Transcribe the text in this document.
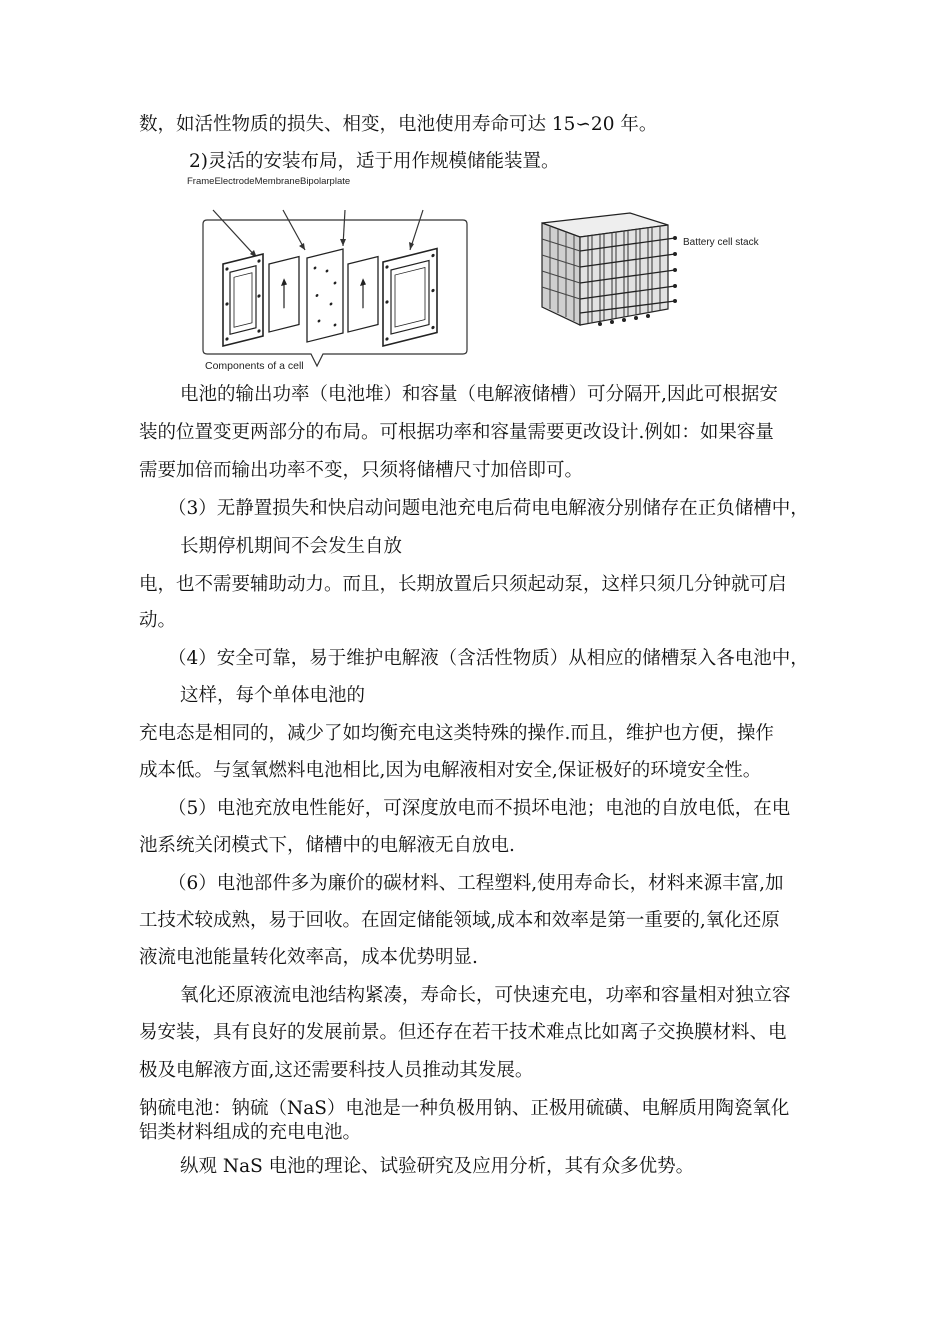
数，如活性物质的损失、相变，电池使用寿命可达 15∽20 年。
2)灵活的安装布局，适于用作规模储能装置。
FrameElectrodeMembraneBipolarplate
Components of a cell
Battery cell stack
电池的输出功率（电池堆）和容量（电解液储槽）可分隔开,因此可根据安
装的位置变更两部分的布局。可根据功率和容量需要更改设计.例如：如果容量
需要加倍而输出功率不变，只须将储槽尺寸加倍即可。
（3）无静置损失和快启动问题电池充电后荷电电解液分别储存在正负储槽中，
长期停机期间不会发生自放
电，也不需要辅助动力。而且，长期放置后只须起动泵，这样只须几分钟就可启
动。
（4）安全可靠，易于维护电解液（含活性物质）从相应的储槽泵入各电池中，
这样，每个单体电池的
充电态是相同的，减少了如均衡充电这类特殊的操作.而且，维护也方便，操作
成本低。与氢氧燃料电池相比,因为电解液相对安全,保证极好的环境安全性。
（5）电池充放电性能好，可深度放电而不损坏电池；电池的自放电低，在电
池系统关闭模式下，储槽中的电解液无自放电.
（6）电池部件多为廉价的碳材料、工程塑料,使用寿命长，材料来源丰富,加
工技术较成熟，易于回收。在固定储能领域,成本和效率是第一重要的,氧化还原
液流电池能量转化效率高，成本优势明显.
氧化还原液流电池结构紧凑，寿命长，可快速充电，功率和容量相对独立容
易安装，具有良好的发展前景。但还存在若干技术难点比如离子交换膜材料、电
极及电解液方面,这还需要科技人员推动其发展。
钠硫电池：钠硫（NaS）电池是一种负极用钠、正极用硫磺、电解质用陶瓷氧化
铝类材料组成的充电电池。
纵观 NaS 电池的理论、试验研究及应用分析，其有众多优势。
